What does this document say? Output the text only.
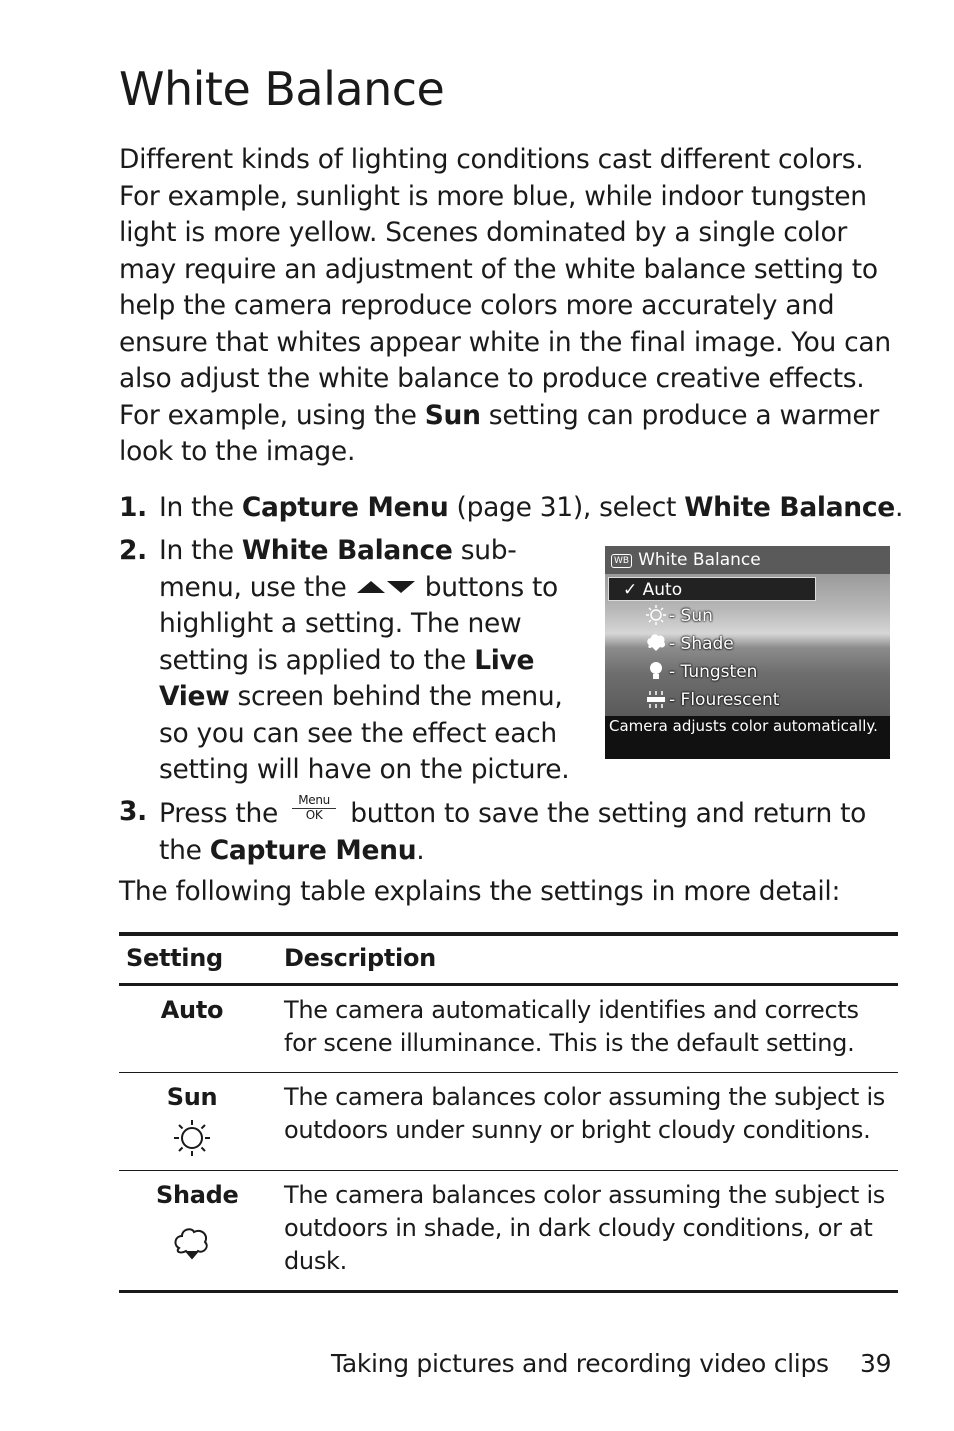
White Balance

Different kinds of lighting conditions cast different colors. For example, sunlight is more blue, while indoor tungsten light is more yellow. Scenes dominated by a single color may require an adjustment of the white balance setting to help the camera reproduce colors more accurately and ensure that whites appear white in the final image. You can also adjust the white balance to produce creative effects. For example, using the Sun setting can produce a warmer look to the image.

1. In the Capture Menu (page 31), select White Balance.
2. In the White Balance sub-menu, use the  buttons to highlight a setting. The new setting is applied to the Live View screen behind the menu, so you can see the effect each setting will have on the picture.
WB White Balance
✓ Auto
- Sun
- Shade
- Tungsten
- Flourescent
Camera adjusts color automatically.
3. Press the	Menu
OK button to save the setting and return to the Capture Menu.

The following table explains the settings in more detail:

Setting	Description
Auto	The camera automatically identifies and corrects for scene illuminance. This is the default setting.
Sun	The camera balances color assuming the subject is outdoors under sunny or bright cloudy conditions.
Shade	The camera balances color assuming the subject is outdoors in shade, in dark cloudy conditions, or at dusk.
Taking pictures and recording video clips 39
